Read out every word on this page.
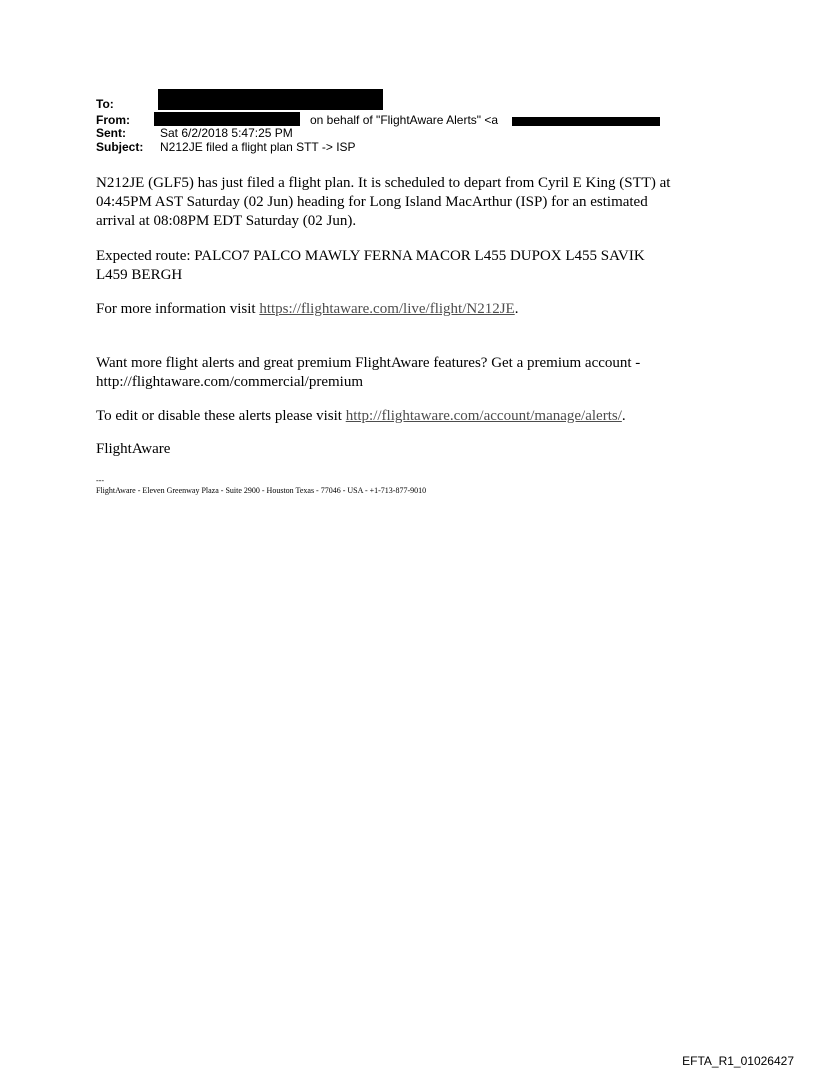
To:
From:	on behalf of "FlightAware Alerts" <a
Sent:	Sat 6/2/2018 5:47:25 PM
Subject: N212JE filed a flight plan STT -> ISP
N212JE (GLF5) has just filed a flight plan. It is scheduled to depart from Cyril E King (STT) at
04:45PM AST Saturday (02 Jun) heading for Long Island MacArthur (ISP) for an estimated
arrival at 08:08PM EDT Saturday (02 Jun).
Expected route: PALCO7 PALCO MAWLY FERNA MACOR L455 DUPOX L455 SAVIK
L459 BERGH
For more information visit https://flightaware.com/live/flight/N212JE.
Want more flight alerts and great premium FlightAware features? Get a premium account -
http://flightaware.com/commercial/premium
To edit or disable these alerts please visit http://flightaware.com/account/manage/alerts/.
FlightAware
---
FlightAware - Eleven Greenway Plaza - Suite 2900 - Houston Texas - 77046 - USA - +1-713-877-9010
EFTA_R1_01026427
